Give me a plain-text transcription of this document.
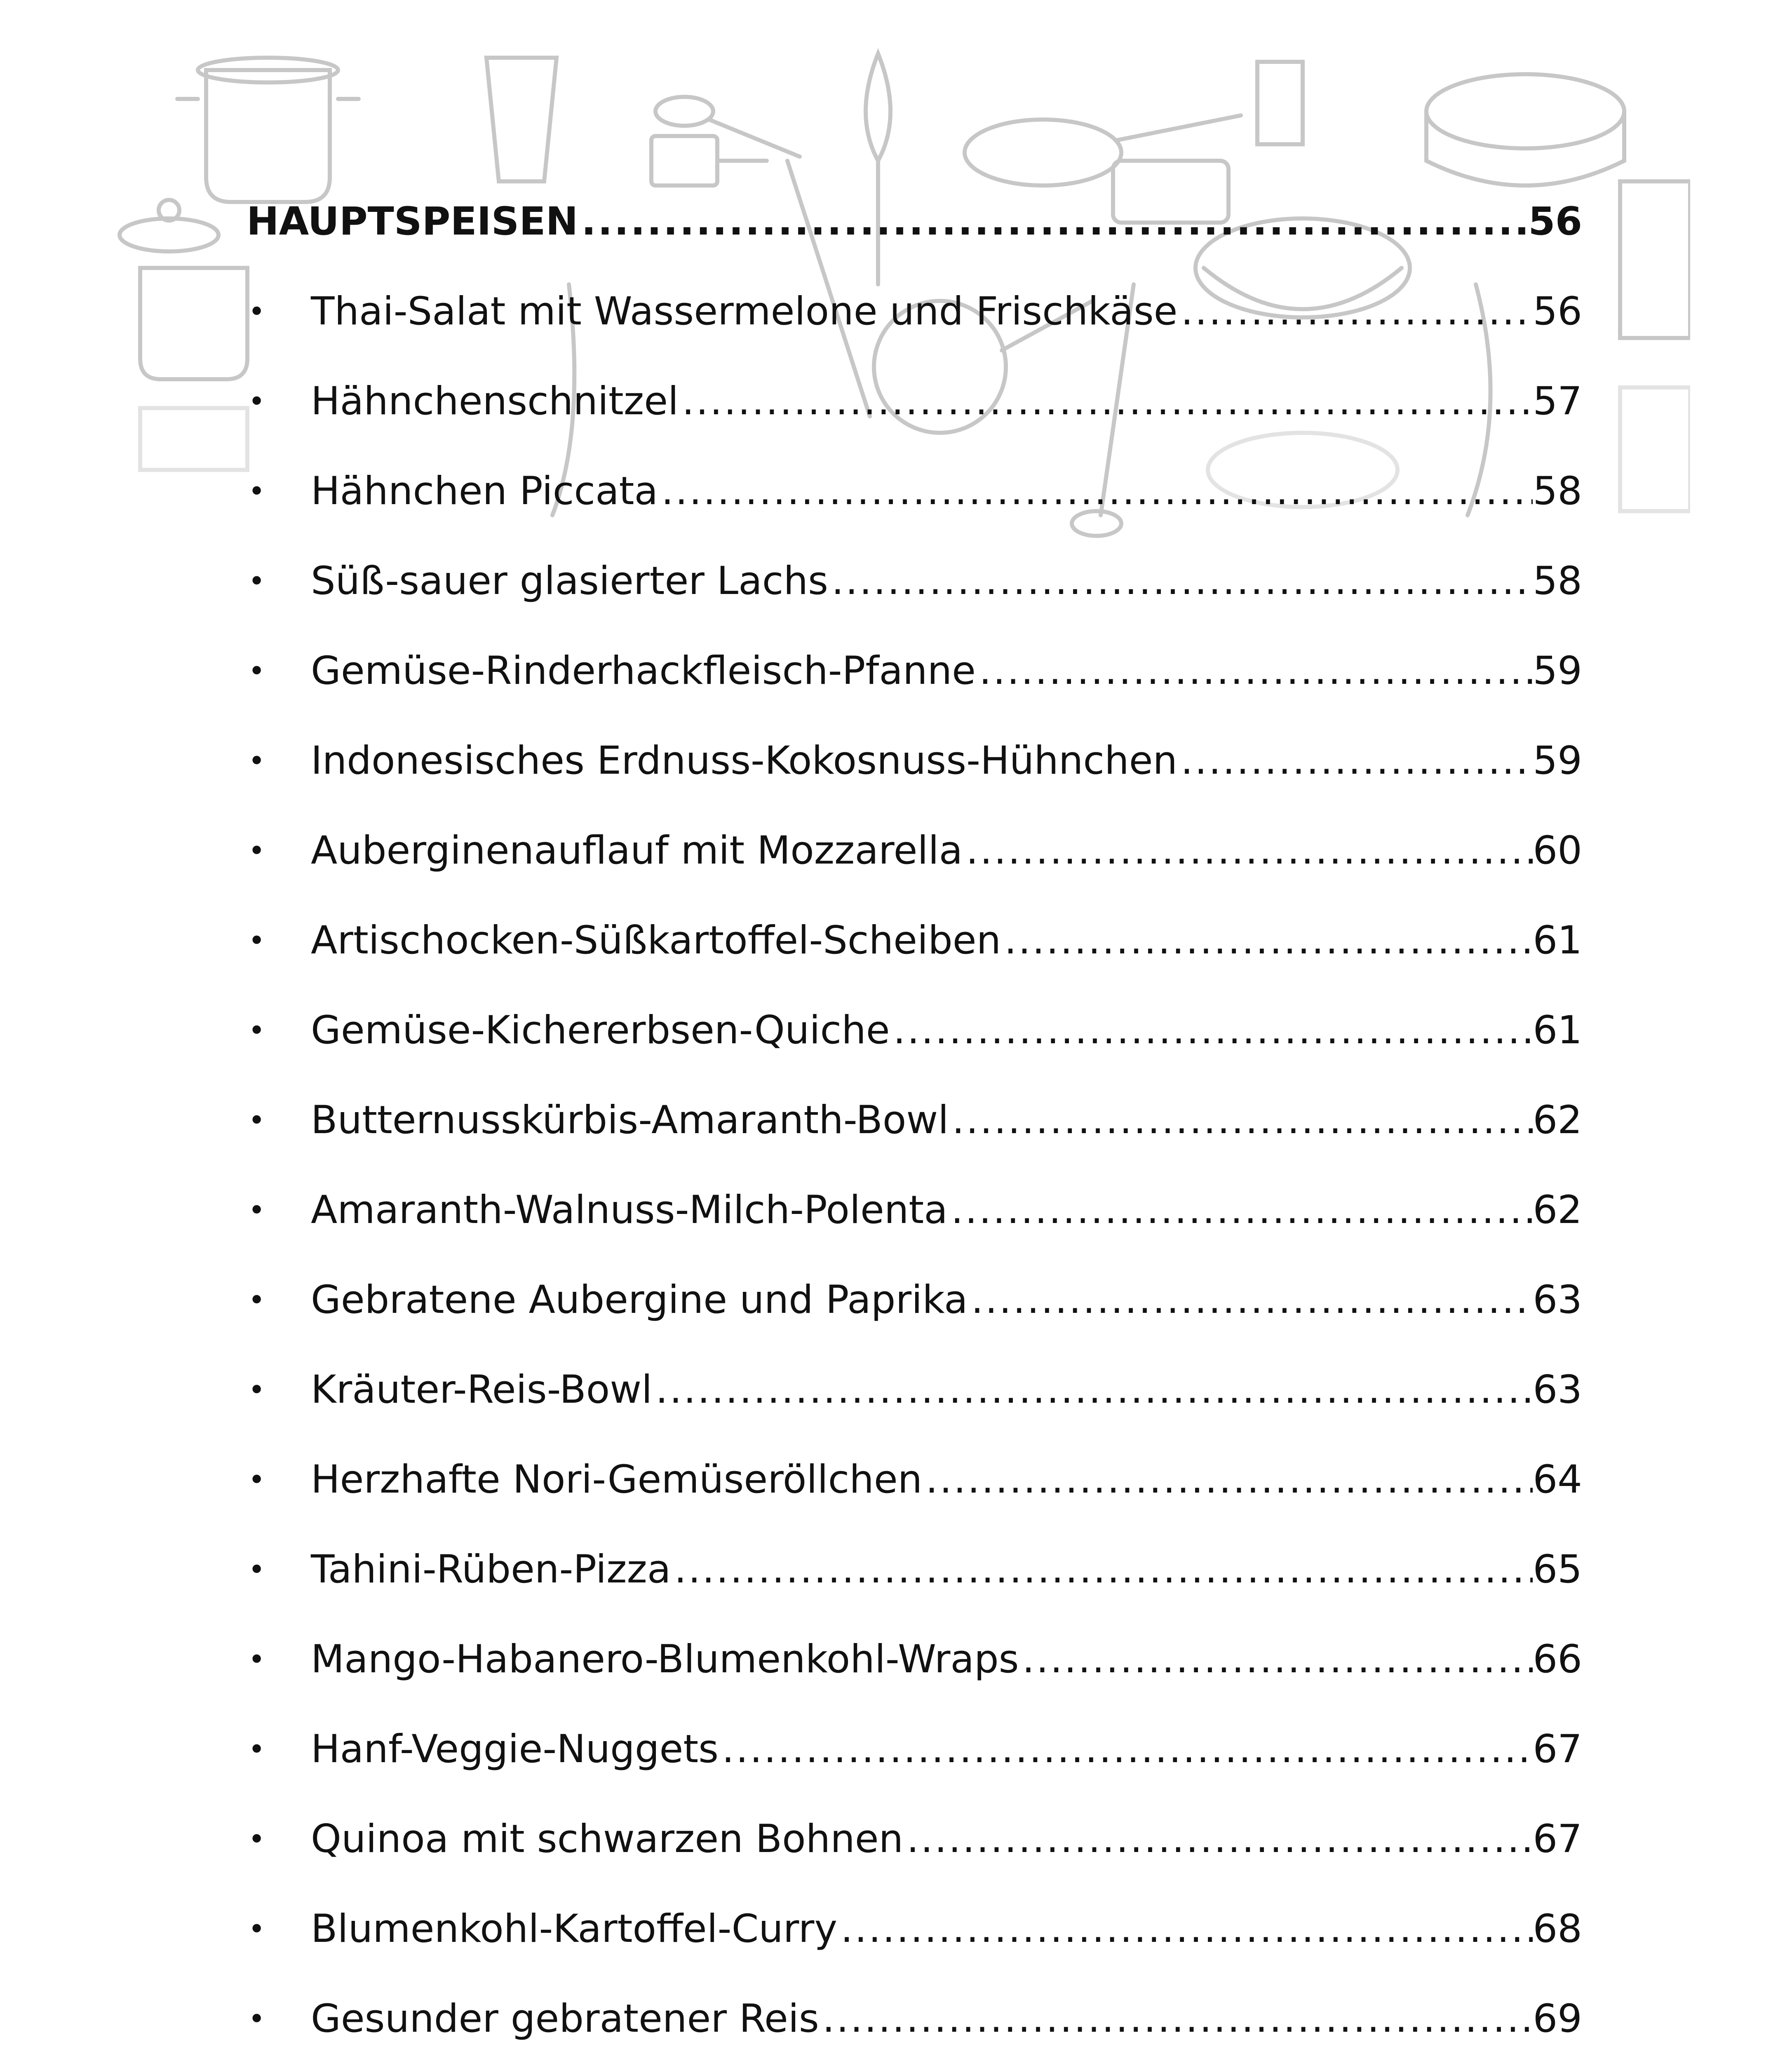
HAUPTSPEISEN .....	56
•	Thai-Salat mit Wassermelone und Frischkäse .....	56
•	Hähnchenschnitzel .....	57
•	Hähnchen Piccata .....	58
•	Süß-sauer glasierter Lachs .....	58
•	Gemüse-Rinderhackfleisch-Pfanne .....	59
•	Indonesisches Erdnuss-Kokosnuss-Hühnchen .....	59
•	Auberginenauflauf mit Mozzarella .....	60
•	Artischocken-Süßkartoffel-Scheiben .....	61
•	Gemüse-Kichererbsen-Quiche .....	61
•	Butternusskürbis-Amaranth-Bowl .....	62
•	Amaranth-Walnuss-Milch-Polenta .....	62
•	Gebratene Aubergine und Paprika .....	63
•	Kräuter-Reis-Bowl .....	63
•	Herzhafte Nori-Gemüseröllchen .....	64
•	Tahini-Rüben-Pizza .....	65
•	Mango-Habanero-Blumenkohl-Wraps .....	66
•	Hanf-Veggie-Nuggets .....	67
•	Quinoa mit schwarzen Bohnen .....	67
•	Blumenkohl-Kartoffel-Curry .....	68
•	Gesunder gebratener Reis .....	69
